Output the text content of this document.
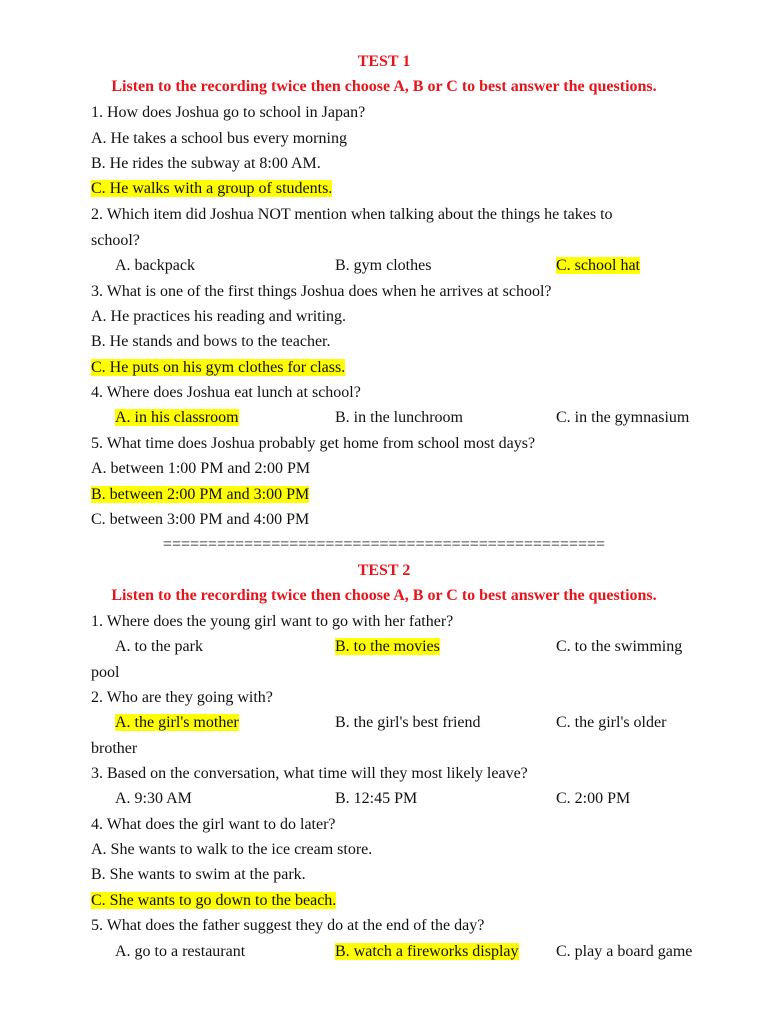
TEST 1
Listen to the recording twice then choose A, B or C to best answer the questions.
1. How does Joshua go to school in Japan?
A. He takes a school bus every morning
B. He rides the subway at 8:00 AM.
C. He walks with a group of students.
2. Which item did Joshua NOT mention when talking about the things he takes to
school?
A. backpack	B. gym clothes	C. school hat
3. What is one of the first things Joshua does when he arrives at school?
A. He practices his reading and writing.
B. He stands and bows to the teacher.
C. He puts on his gym clothes for class.
4. Where does Joshua eat lunch at school?
A. in his classroom	B. in the lunchroom	C. in the gymnasium
5. What time does Joshua probably get home from school most days?
A. between 1:00 PM and 2:00 PM
B. between 2:00 PM and 3:00 PM
C. between 3:00 PM and 4:00 PM
=================================================
TEST 2
Listen to the recording twice then choose A, B or C to best answer the questions.
1. Where does the young girl want to go with her father?
A. to the park	B. to the movies	C. to the swimming
pool
2. Who are they going with?
A. the girl's mother	B. the girl's best friend	C. the girl's older
brother
3. Based on the conversation, what time will they most likely leave?
A. 9:30 AM	B. 12:45 PM	C. 2:00 PM
4. What does the girl want to do later?
A. She wants to walk to the ice cream store.
B. She wants to swim at the park.
C. She wants to go down to the beach.
5. What does the father suggest they do at the end of the day?
A. go to a restaurant	B. watch a fireworks display C. play a board game
